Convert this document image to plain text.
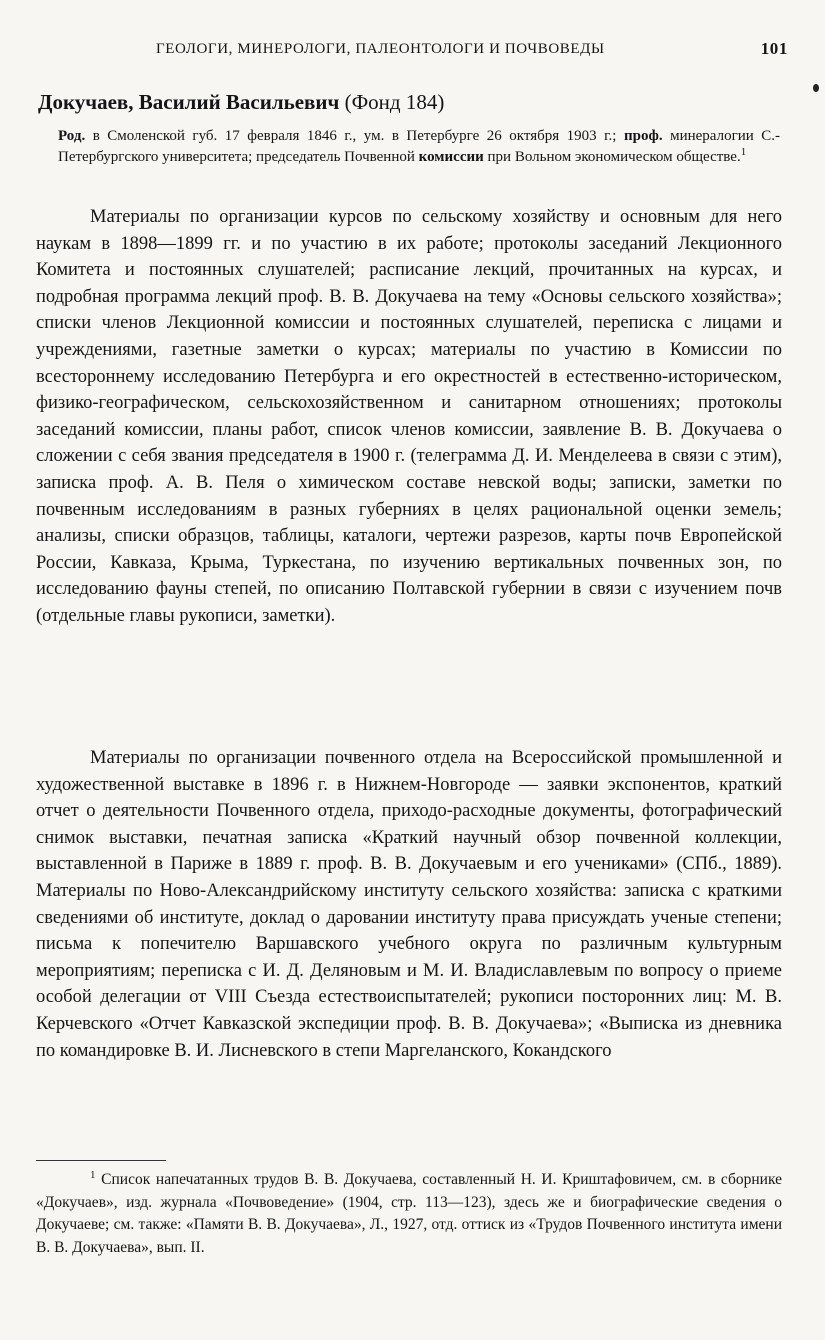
ГЕОЛОГИ, МИНЕРОЛОГИ, ПАЛЕОНТОЛОГИ И ПОЧВОВЕДЫ	101
Докучаев, Василий Васильевич (Фонд 184)
Род. в Смоленской губ. 17 февраля 1846 г., ум. в Петербурге 26 октября 1903 г.; проф. минералогии С.-Петербургского университета; председатель Почвенной комиссии при Вольном экономическом обществе.$^1$

Материалы по организации курсов по сельскому хозяйству и основным для него наукам в 1898—1899 гг. и по участию в их работе; протоколы заседаний Лекционного Комитета и постоянных слушателей; расписание лекций, прочитанных на курсах, и подробная программа лекций проф. В. В. Докучаева на тему «Основы сельского хозяйства»; списки членов Лекционной комиссии и постоянных слушателей, переписка с лицами и учреждениями, газетные заметки о курсах; материалы по участию в Комиссии по всестороннему исследованию Петербурга и его окрестностей в естественно-историческом, физико-географическом, сельскохозяйственном и санитарном отношениях; протоколы заседаний комиссии, планы работ, список членов комиссии, заявление В. В. Докучаева о сложении с себя звания председателя в 1900 г. (телеграмма Д. И. Менделеева в связи с этим), записка проф. А. В. Пеля о химическом составе невской воды; записки, заметки по почвенным исследованиям в разных губерниях в целях рациональной оценки земель; анализы, списки образцов, таблицы, каталоги, чертежи разрезов, карты почв Европейской России, Кавказа, Крыма, Туркестана, по изучению вертикальных почвенных зон, по исследованию фауны степей, по описанию Полтавской губернии в связи с изучением почв (отдельные главы рукописи, заметки).

Материалы по организации почвенного отдела на Всероссийской промышленной и художественной выставке в 1896 г. в Нижнем-Новгороде — заявки экспонентов, краткий отчет о деятельности Почвенного отдела, приходо-расходные документы, фотографический снимок выставки, печатная записка «Краткий научный обзор почвенной коллекции, выставленной в Париже в 1889 г. проф. В. В. Докучаевым и его учениками» (СПб., 1889). Материалы по Ново-Александрийскому институту сельского хозяйства: записка с краткими сведениями об институте, доклад о даровании институту права присуждать ученые степени; письма к попечителю Варшавского учебного округа по различным культурным мероприятиям; переписка с И. Д. Деляновым и М. И. Владиславлевым по вопросу о приеме особой делегации от VIII Съезда естествоиспытателей; рукописи посторонних лиц: М. В. Керчевского «Отчет Кавказской экспедиции проф. В. В. Докучаева»; «Выписка из дневника по командировке В. И. Лисневского в степи Маргеланского, Кокандского

$^1$ Список напечатанных трудов В. В. Докучаева, составленный Н. И. Криштафовичем, см. в сборнике «Докучаев», изд. журнала «Почвоведение» (1904, стр. 113—123), здесь же и биографические сведения о Докучаеве; см. также: «Памяти В. В. Докучаева», Л., 1927, отд. оттиск из «Трудов Почвенного института имени В. В. Докучаева», вып. II.
